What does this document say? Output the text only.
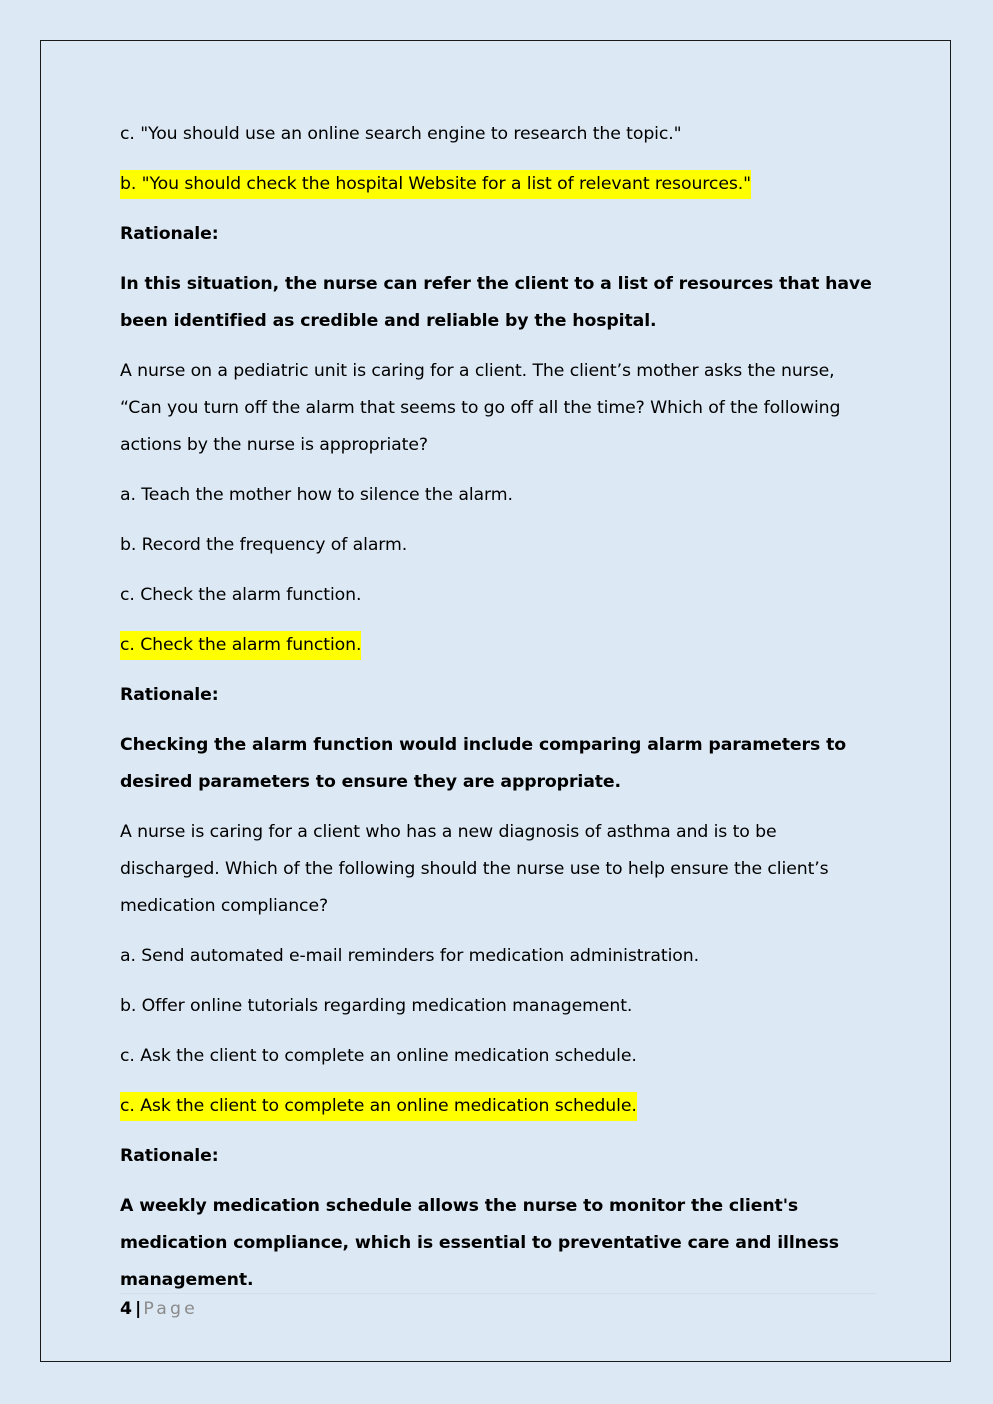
c. "You should use an online search engine to research the topic."

b. "You should check the hospital Website for a list of relevant resources."

Rationale:

In this situation, the nurse can refer the client to a list of resources that have been identified as credible and reliable by the hospital.

A nurse on a pediatric unit is caring for a client. The client’s mother asks the nurse, “Can you turn off the alarm that seems to go off all the time? Which of the following actions by the nurse is appropriate?

a. Teach the mother how to silence the alarm.

b. Record the frequency of alarm.

c. Check the alarm function.

c. Check the alarm function.

Rationale:

Checking the alarm function would include comparing alarm parameters to desired parameters to ensure they are appropriate.

A nurse is caring for a client who has a new diagnosis of asthma and is to be discharged. Which of the following should the nurse use to help ensure the client’s medication compliance?

a. Send automated e-mail reminders for medication administration.

b. Offer online tutorials regarding medication management.

c. Ask the client to complete an online medication schedule.

c. Ask the client to complete an online medication schedule.

Rationale:

A weekly medication schedule allows the nurse to monitor the client's medication compliance, which is essential to preventative care and illness management.

4 | Page
